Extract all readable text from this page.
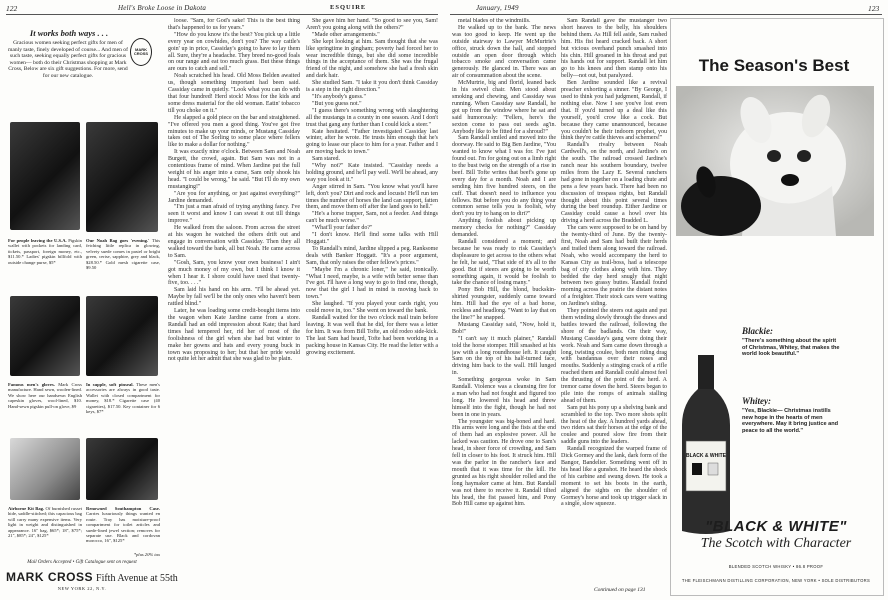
122	Hell's Broke Loose in Dakota	ESQUIRE
It works both ways . . .
MARK CROSS
Gracious women seeking perfect gifts for men of manly taste, finely developed of course... And men of such taste, seeking equally perfect gifts for gracious women— both do their Christmas shopping at Mark Cross, Below are six gift suggestions. For more, send for our new catalogue.
For people leaving the U.S.A. Pigskin wallet with pockets for landing card, tickets, passport, foreign money, etc., $11.50.* Ladies' pigskin billfold with outside change purse, $5*
Our Noah Bag goes 'evening.' This fetching little replica in glowing, velvety suede comes in pastel or bright green, cerise, sapphire, grey and black, $28.50.* Gold mesh cigarette case, $9.50
Famous men's gloves. Mark Cross manufacture. Hand sewn, woolen-lined. We show here our handsewn English capeskin gloves, wool-lined, $10. Hand-sewn pigskin pull-on glove, $9
In supple, soft pinseal. These men's accessories are always in good taste. Wallet with closed compartment for money, $18.* Cigarette case (40 cigarettes), $17.50. Key container for 6 keys, $7*
Airborne Kit Bag. Of burnished russet hide, saddle-stitched; this capacious bag will carry many expensive items. Very light in weight and distinguished in appearance. 16" bag, $65*; 18", $75*; 21", $85*; 24", $125*
Renowned Southampton Case. Carries luxuriously things wanted en route. Tray has moisture-proof compartment for toilet articles and suede-lined jewel section; removes for separate use. Black and cordovan morocco, 16", $125*
*plus 20% tax
Mail Orders Accepted • Gift Catalogue sent on request
MARK CROSS Fifth Avenue at 55th
NEW YORK 22, N.Y.

loose. "Sam, for God's sake! This is the best thing that's happened to us for years."

"How do you know it's the best? You pick up a little every year on cowhides, don't you? The way cattle's goin' up in price, Cassiday's going to have to lay them all. Sure, they're a headache. They breed no-good foals on our range and eat too much grass. But these things are ours to catch and sell."

Noah scratched his head. Old Moss Belden awaited us, though something important had been said. Cassiday came in quietly. "Look what you can do with that four hundred! Herd stock! Moss for the kids and some dress material for the old woman. Eatin' tobacco till you choke on it."

He slapped a gold piece on the bar and straightened. "I've offered you men a good thing. You've got five minutes to make up your minds, or Mustang Cassiday takes out of The Sorling to some place where fellers like to make a dollar for nothing."

It was exactly nine o'clock. Between Sam and Noah Burgett, the crowd, again. But Sam was not in a contentious frame of mind. When Jardine put the full weight of his anger into a curse, Sam only shook his head. "I could be wrong," he said. "But I'll do my own mustanging!"

"Are you for anything, or just against everything?" Jardine demanded.

"I'm just a man afraid of trying anything fancy. I've seen it worst and know I can sweat it out till things improve."

He walked from the saloon. From across the street at his wagon he watched the others drift out and engage in conversation with Cassiday. Then they all walked toward the bank, all but Noah. He came across to Sam.

"Gosh, Sam, you know your own business! I ain't got much money of my own, but I think I know it when I hear it. I shore could have used that twenty-five, too. . . ."

Sam laid his hand on his arm. "I'll be ahead yet. Maybe by fall we'll be the only ones who haven't been rattled blind."

Later, he was loading some credit-bought items into the wagon when Kate Jardine came from a store. Randall had an odd impression about Kate; that hard times had tempered her, rid her of most of the foolishness of the girl when she had but winter to make her gowns and hats and every young buck in town was proposing to her; but that her pride would not quite let her admit that she was glad to be plain.

She gave him her hand. "So good to see you, Sam! Aren't you going along with the others?"

"Made other arrangements."

She kept looking at him. Sam thought that she was like springtime in gingham; poverty had forced her to wear incredible things, but she did some incredible things in the acceptance of them. She was the frugal friend of the night, and somehow she had a fresh skin and dark hair.

She studied Sam. "I take it you don't think Cassiday is a step in the right direction."

"It's anybody's guess."

"But you guess not."

"I guess there's something wrong with slaughtering all the mustangs in a county in one season. And I don't trust that gang any further than I could kick a steer."

Kate hesitated. "Father investigated Cassiday last winter, after he wrote. He trusts him enough that he's going to lease our place to him for a year. Father and I are moving back to town."

Sam stared.

"Why not?" Kate insisted. "Cassiday needs a holding ground, and he'll pay well. We'll be ahead, any way you look at it."

Anger stirred in Sam. "You know what you'll have left, don't you? Dirt and rock and locusts! He'll run ten times the number of horses the land can support, fatten them, and move them off after the land goes to hell."

"He's a horse trapper, Sam, not a feeder. And things can't be much worse."

"What'll your father do?"

"I don't know. He'll find some talks with Hill Hoggatt."

To Randall's mind, Jardine slipped a peg. Ranksome deals with Banker Hoggatt. "It's a poor argument, Sam, that only raises the other fellow's prices."

"Maybe I'm a chronic loner," he said, ironically. "What I need, maybe, is a wife with better sense than I've got. I'll have a long way to go to find one, though, now that the girl I had in mind is moving back to town."

She laughed. "If you played your cards right, you could move in, too." She went on toward the bank.

Randall waited for the two o'clock mail train before leaving. It was well that he did, for there was a letter for him. It was from Bill Tofte, an old rodeo side-kick. The last Sam had heard, Tofte had been working in a packing house in Kansas City. He read the letter with a growing excitement.

January, 1949	123

metal blades of the windmills.

He walked up to the bank. The news was too good to keep. He went up the outside stairway to Lawyer McMurtrie's office, struck down the hall, and stopped outside an open door through which tobacco smoke and conversation came generously. He glanced in. There was an air of consummation about the scene.

McMurtrie, big and florid, leaned back in his swivel chair. Men stood about smoking and chewing, and Cassiday was running. When Cassiday saw Randall, he got up from the window where he sat and said humorously: "Fellers, here's the sexton come to pass out seeds ag'in. Anybody like to be fitted for a shroud?"

Sam Randall smiled and moved into the doorway. He said to Big Ben Jardine, "You wanted to know what I was for. I've just found out. I'm for going out on a limb right to the bust twig on the strength of a rise in beef. Bill Tofte writes that beef's gone up every day for a month. Noah and I are sending him five hundred steers, on the cuff. That doesn't need to influence you fellows. But before you do any thing your common sense tells you is foolish, why don't you try to hang on to dirt?"

Anything foolish about picking up memory checks for nothing?" Cassiday demanded.

Randall considered a moment; and because he was ready to risk Cassiday's displeasure to get across to the others what he felt, he said, "That side of it's all to the good. But if steers are going to be worth something again, it would be foolish to take the chance of losing many."

Pony Bob Hill, the blond, buckskin-shirted youngster, suddenly came toward him. Hill had the eye of a bad horse, reckless and headlong. "Want to lay that on the line?" he snapped.

Mustang Cassiday said, "Now, hold it, Bob!"

"I can't say it much plainer," Randall told the horse stomper. Hill smashed at his jaw with a long roundhouse left. It caught Sam on the top of his half-turned face, driving him back to the wall. Hill lunged in.

Something gorgeous woke in Sam Randall. Violence was a cleansing fire for a man who had not fought and figured too long. He lowered his head and threw himself into the fight, though he had not been in one in years.

The youngster was big-boned and hard. His arms were long and the fists at the end of them had an explosive power. All he lacked was caution. He drove one to Sam's head, in sheer force of crowding, and Sam fell in closer to his foot. It struck him. Hill was the parlor in the rancher's face and mouth that it was time for the kill. He grunted as his right shoulder rolled and the long haymaker came at him. But Randall was not there to receive it. Randall tilted his head, the fist passed him, and Pony Bob Hill came up against him.

Sam Randall gave the mustanger two short heaves to the belly, his shoulders behind them. As Hill fell aside, Sam rushed him. His fist heard cracked back. A short but vicious overhand punch smashed into his chin. Hill groaned in his throat and put his hands out for support. Randall let him go to his knees and then stamp onto his belly—not out, but paralyzed.

Ben Jardine sounded like a revival preacher exhorting a sinner. "By George, I used to think you had judgment, Randall, if nothing else. Now I see you've lost even that. If you'd turned up a deal like this yourself, you'd crow like a cock. But because they came unannounced, because you couldn't be their indoorn prophet, you think they're cattle thieves and schemers!"

Randall's rivalry between Noah Cardwell's, on the north, and Jardine's on the south. The railroad crossed Jardine's ranch near his southern boundary, twelve miles from the Lazy E. Several ranchers had gone in together on a loading chute and pens a few years back. There had been no discussion of trespass rights, but Randall thought about this point several times during the beef roundup. Either Jardine or Cassiday could cause a howl over his driving a herd across the Bradded L.

The cars were supposed to be on hand by the twenty-third of June. By the twenty-first, Noah and Sam had built their herds and trailed them along toward the railroad. Noah, who would accompany the herd to Kansas City as trail-boss, had a telescope bag of city clothes along with him. They bedded the day herd snugly that night between two grassy buttes. Randall found morning across the prairie the distant notes of a freighter. Their stock cars were waiting on Jardine's siding.

They pointed the steers out again and put them winding slowly through the draws and battles toward the railroad, following the shore of the badlands. On their way, Mustang Cassiday's gang were doing their work. Noah and Sam came down through a long, twisting coulee, both men riding drag with bandannas over their noses and mouths. Suddenly a stinging crack of a rifle reached them and Randall could almost feel the thrusting of the point of the herd. A tremor came down the herd. Steers began to pile into the romps of animals stalling ahead of them.

Sam put his pony up a shelving bank and scrambled to the top. Two more shots split the heat of the day. A hundred yards ahead, two riders sat their horses at the edge of the coulee and poured slow fire from their saddle guns into the leaders.

Randall recognized the warped frame of Dick Gormey and the lank, dark form of the Bangor, Bandelier. Something went off in his head like a gunshot. He heard the shock of his carbine and swung down. He took a moment to set his boots in the earth, aligned the sights on the shoulder of Gormey's horse and took up trigger slack in a single, slow squeeze.

Continued on page 131
The Season's Best
BLACK & WHITE
Blackie:
"There's something about the spirit of Christmas, Whitey, that makes the world look beautiful."
Whitey:
"Yes, Blackie— Christmas instills new hope in the hearts of men everywhere. May it bring justice and peace to all the world."
"BLACK & WHITE"
The Scotch with Character
BLENDED SCOTCH WHISKY • 86.8 PROOF
THE FLEISCHMANN DISTILLING CORPORATION, NEW YORK • SOLE DISTRIBUTORS
